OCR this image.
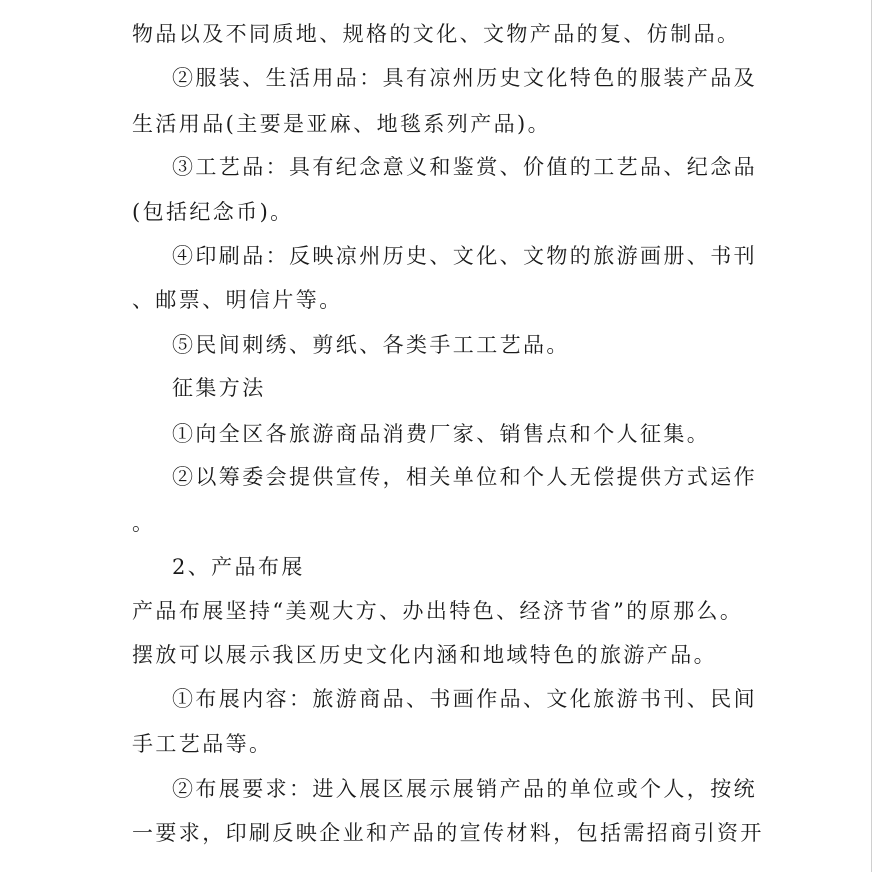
物品以及不同质地、规格的文化、文物产品的复、仿制品。
②服装、生活用品：具有凉州历史文化特色的服装产品及
生活用品(主要是亚麻、地毯系列产品)。
③工艺品：具有纪念意义和鉴赏、价值的工艺品、纪念品
(包括纪念币)。
④印刷品：反映凉州历史、文化、文物的旅游画册、书刊
、邮票、明信片等。
⑤民间刺绣、剪纸、各类手工工艺品。
征集方法
①向全区各旅游商品消费厂家、销售点和个人征集。
②以筹委会提供宣传，相关单位和个人无偿提供方式运作
。
2、产品布展
产品布展坚持“美观大方、办出特色、经济节省”的原那么。
摆放可以展示我区历史文化内涵和地域特色的旅游产品。
①布展内容：旅游商品、书画作品、文化旅游书刊、民间
手工艺品等。
②布展要求：进入展区展示展销产品的单位或个人，按统
一要求，印刷反映企业和产品的宣传材料，包括需招商引资开
